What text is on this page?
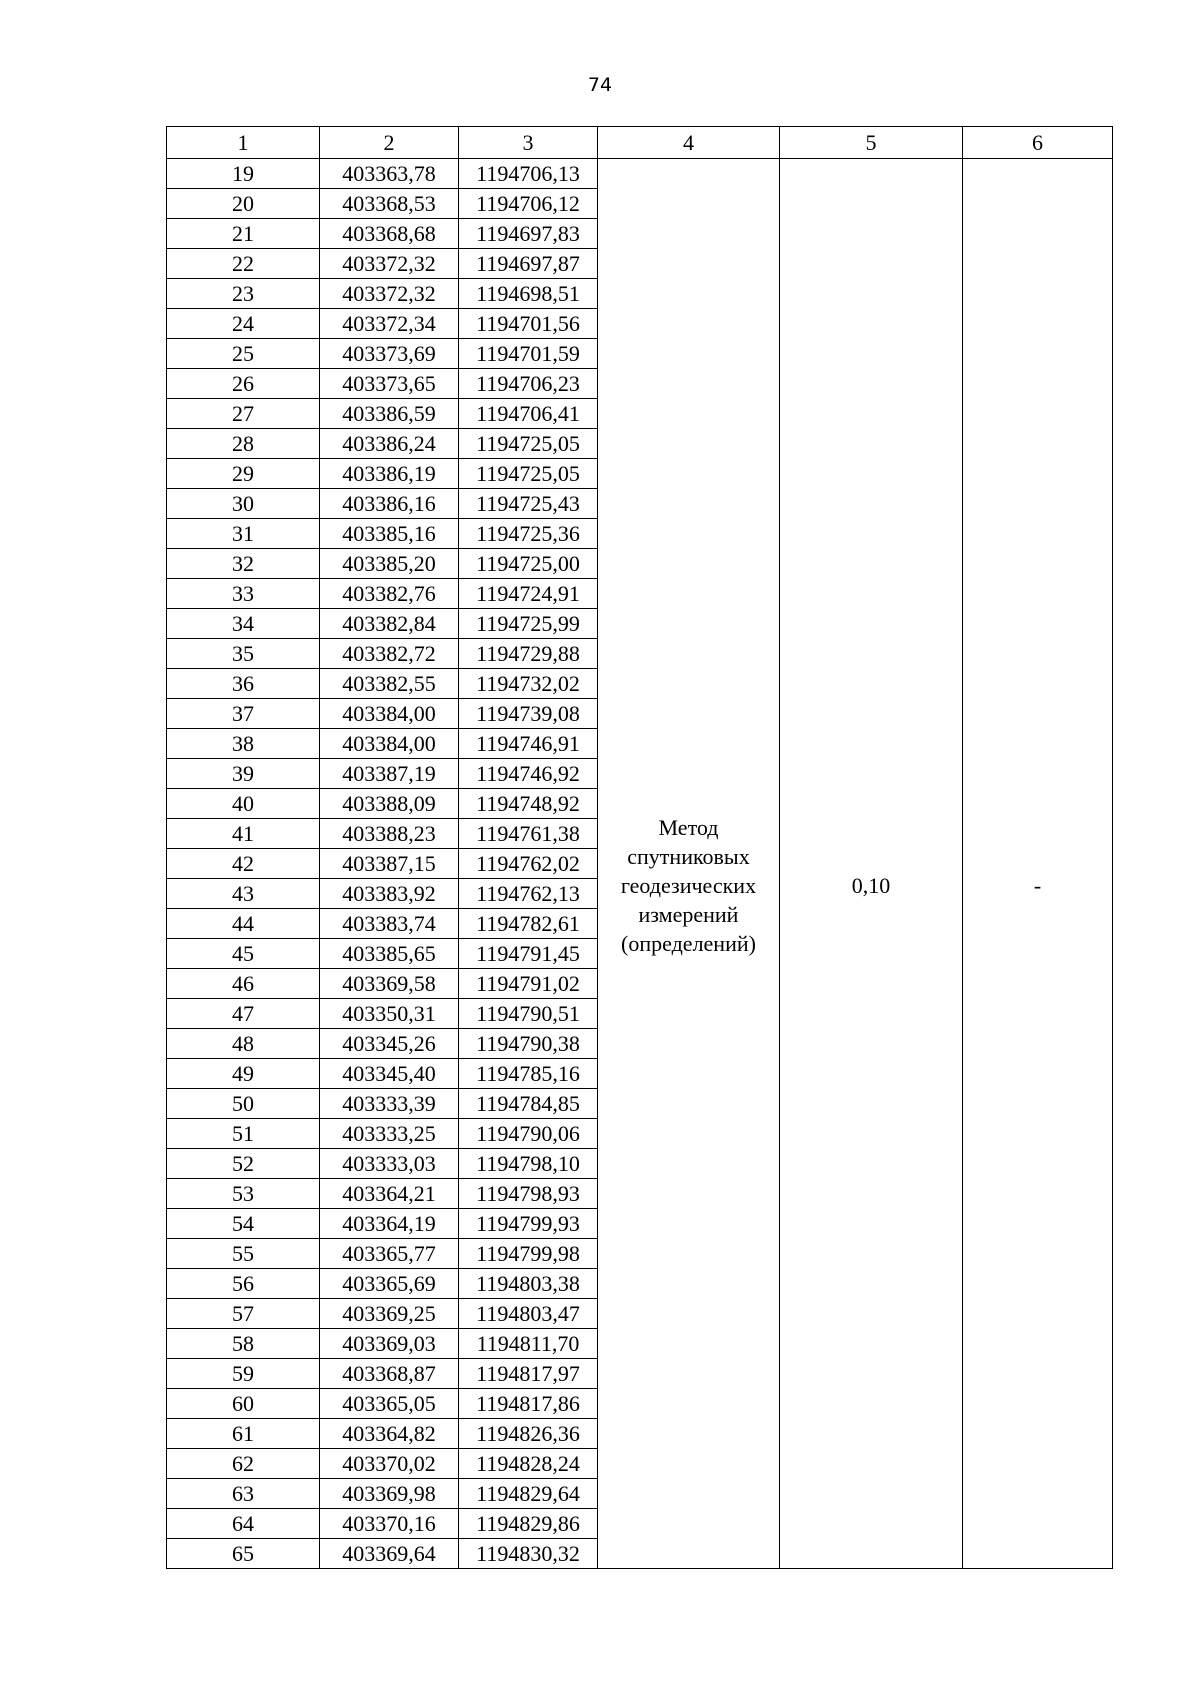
74
1	2	3	4	5	6
19	403363,78	1194706,13	Метод
спутниковых
геодезических
измерений
(определений)	0,10	-

20	403368,53	1194706,12			
21	403368,68	1194697,83			
22	403372,32	1194697,87			
23	403372,32	1194698,51			
24	403372,34	1194701,56			
25	403373,69	1194701,59			
26	403373,65	1194706,23			
27	403386,59	1194706,41			
28	403386,24	1194725,05			
29	403386,19	1194725,05			
30	403386,16	1194725,43			
31	403385,16	1194725,36			
32	403385,20	1194725,00			
33	403382,76	1194724,91			
34	403382,84	1194725,99			
35	403382,72	1194729,88			
36	403382,55	1194732,02			
37	403384,00	1194739,08			
38	403384,00	1194746,91			
39	403387,19	1194746,92			
40	403388,09	1194748,92			
41	403388,23	1194761,38			
42	403387,15	1194762,02			
43	403383,92	1194762,13			
44	403383,74	1194782,61			
45	403385,65	1194791,45			
46	403369,58	1194791,02			
47	403350,31	1194790,51			
48	403345,26	1194790,38			
49	403345,40	1194785,16			
50	403333,39	1194784,85			
51	403333,25	1194790,06			
52	403333,03	1194798,10			
53	403364,21	1194798,93			
54	403364,19	1194799,93			
55	403365,77	1194799,98			
56	403365,69	1194803,38			
57	403369,25	1194803,47			
58	403369,03	1194811,70			
59	403368,87	1194817,97			
60	403365,05	1194817,86			
61	403364,82	1194826,36			
62	403370,02	1194828,24			
63	403369,98	1194829,64			
64	403370,16	1194829,86			
65	403369,64	1194830,32			
